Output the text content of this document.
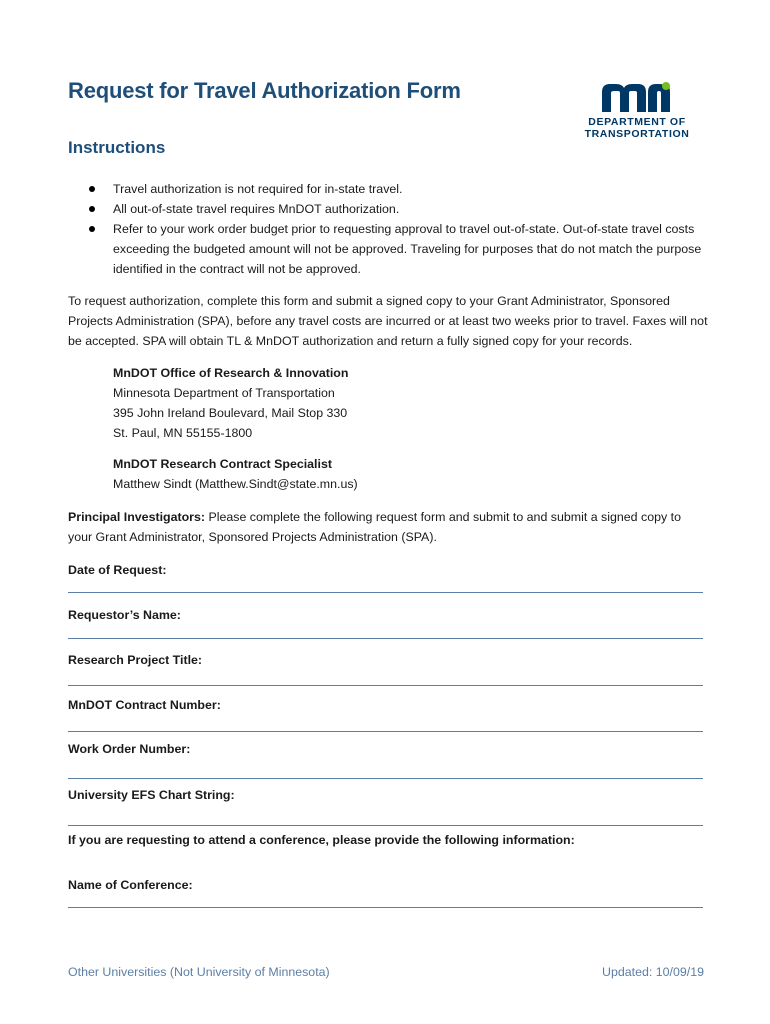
Request for Travel Authorization Form
DEPARTMENT OF
TRANSPORTATION
Instructions
Travel authorization is not required for in-state travel.
All out-of-state travel requires MnDOT authorization.
Refer to your work order budget prior to requesting approval to travel out-of-state. Out-of-state travel costs exceeding the budgeted amount will not be approved. Traveling for purposes that do not match the purpose identified in the contract will not be approved.

To request authorization, complete this form and submit a signed copy to your Grant Administrator, Sponsored Projects Administration (SPA), before any travel costs are incurred or at least two weeks prior to travel. Faxes will not be accepted. SPA will obtain TL & MnDOT authorization and return a fully signed copy for your records.

MnDOT Office of Research & Innovation
Minnesota Department of Transportation
395 John Ireland Boulevard, Mail Stop 330
St. Paul, MN 55155-1800
MnDOT Research Contract Specialist
Matthew Sindt (Matthew.Sindt@state.mn.us)

Principal Investigators: Please complete the following request form and submit to and submit a signed copy to your Grant Administrator, Sponsored Projects Administration (SPA).

Date of Request:
Requestor’s Name:
Research Project Title:
MnDOT Contract Number:
Work Order Number:
University EFS Chart String:
If you are requesting to attend a conference, please provide the following information:
Name of Conference:
Other Universities (Not University of Minnesota)	Updated: 10/09/19
